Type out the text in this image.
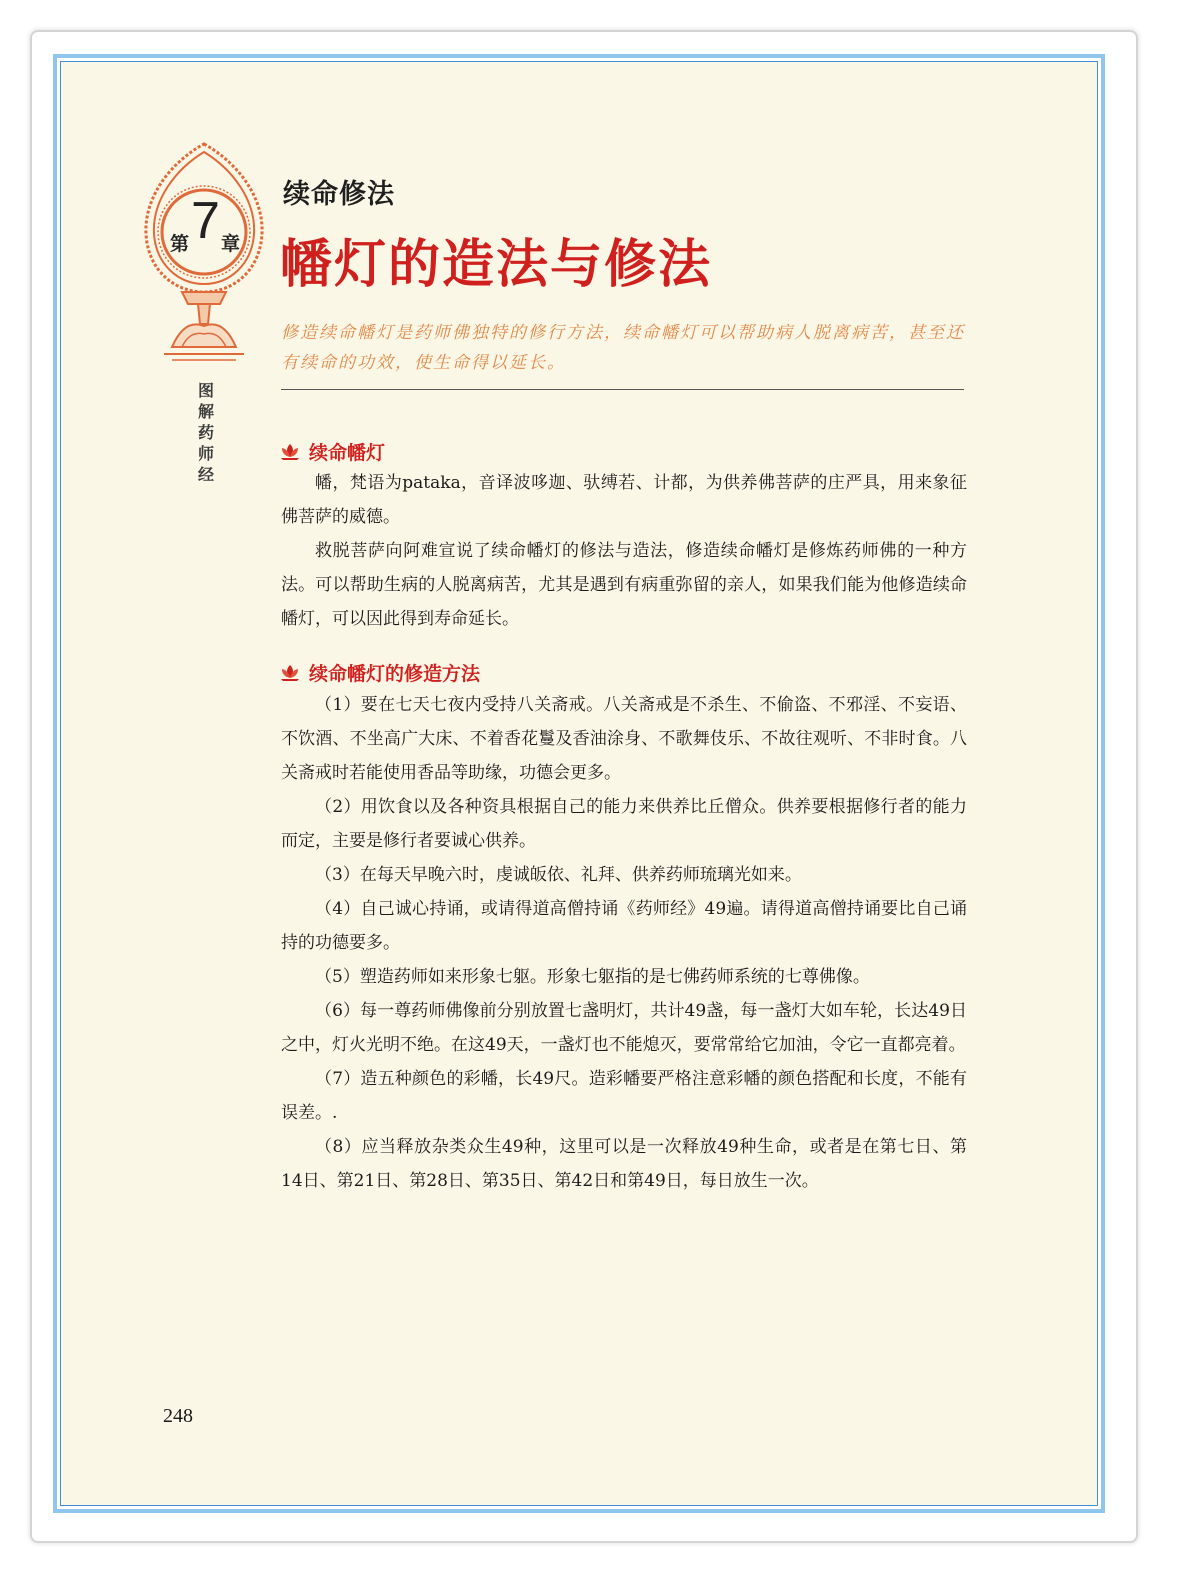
第 7 章
图解药师经
续命修法
幡灯的造法与修法
修造续命幡灯是药师佛独特的修行方法，续命幡灯可以帮助病人脱离病苦，甚至还有续命的功效，使生命得以延长。
续命幡灯

幡，梵语为pataka，音译波哆迦、驮缚若、计都，为供养佛菩萨的庄严具，用来象征佛菩萨的威德。

救脱菩萨向阿难宣说了续命幡灯的修法与造法，修造续命幡灯是修炼药师佛的一种方法。可以帮助生病的人脱离病苦，尤其是遇到有病重弥留的亲人，如果我们能为他修造续命幡灯，可以因此得到寿命延长。

续命幡灯的修造方法

（1）要在七天七夜内受持八关斋戒。八关斋戒是不杀生、不偷盗、不邪淫、不妄语、不饮酒、不坐高广大床、不着香花鬘及香油涂身、不歌舞伎乐、不故往观听、不非时食。八关斋戒时若能使用香品等助缘，功德会更多。

（2）用饮食以及各种资具根据自己的能力来供养比丘僧众。供养要根据修行者的能力而定，主要是修行者要诚心供养。

（3）在每天早晚六时，虔诚皈依、礼拜、供养药师琉璃光如来。

（4）自己诚心持诵，或请得道高僧持诵《药师经》49遍。请得道高僧持诵要比自己诵持的功德要多。

（5）塑造药师如来形象七躯。形象七躯指的是七佛药师系统的七尊佛像。

（6）每一尊药师佛像前分别放置七盏明灯，共计49盏，每一盏灯大如车轮，长达49日之中，灯火光明不绝。在这49天，一盏灯也不能熄灭，要常常给它加油，令它一直都亮着。

（7）造五种颜色的彩幡，长49尺。造彩幡要严格注意彩幡的颜色搭配和长度，不能有误差。.

（8）应当释放杂类众生49种，这里可以是一次释放49种生命，或者是在第七日、第14日、第21日、第28日、第35日、第42日和第49日，每日放生一次。

248
